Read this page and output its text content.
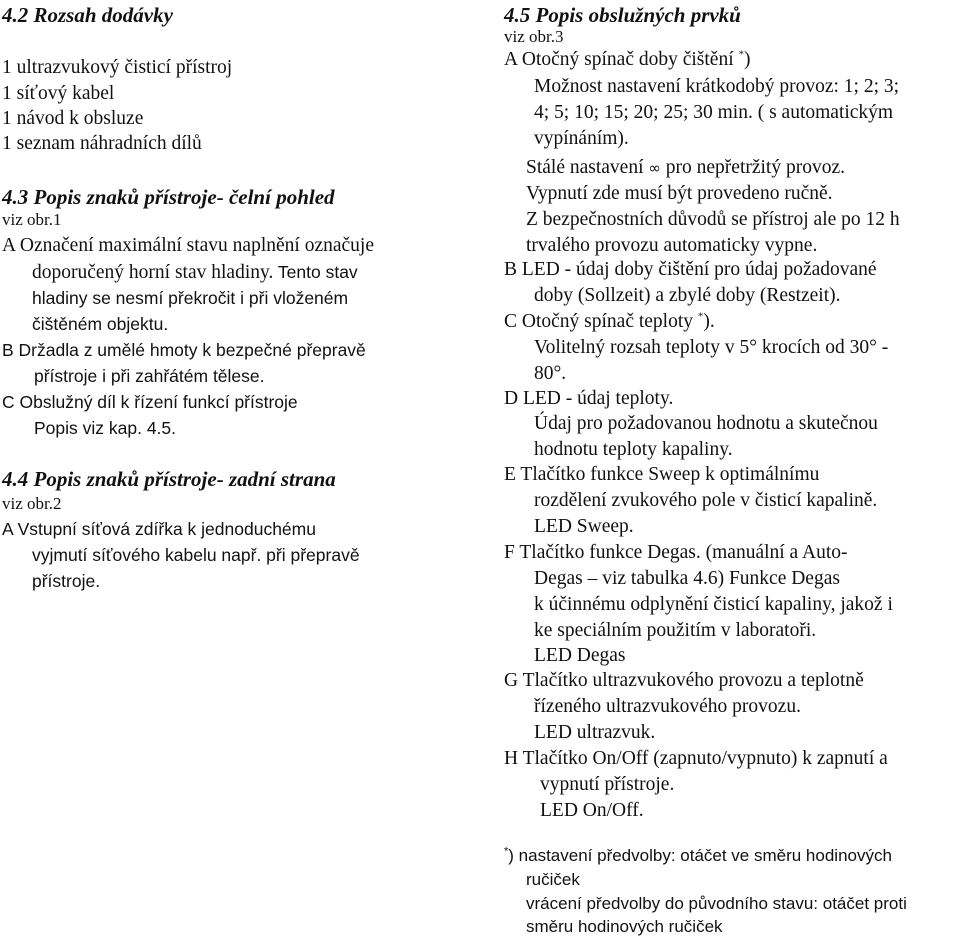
4.2 Rozsah dodávky
1 ultrazvukový čisticí přístroj
1 síťový kabel
1 návod k obsluze
1 seznam náhradních dílů
4.3 Popis znaků přístroje- čelní pohled
viz obr.1
A Označení maximální stavu naplnění označuje
doporučený horní stav hladiny. Tento stav
hladiny se nesmí překročit i při vloženém
čištěném objektu.
B Držadla z umělé hmoty k bezpečné přepravě
přístroje i při zahřátém tělese.
C Obslužný díl k řízení funkcí přístroje
Popis viz kap. 4.5.
4.4 Popis znaků přístroje- zadní strana
viz obr.2
A Vstupní síťová zdířka k jednoduchému
vyjmutí síťového kabelu např. při přepravě
přístroje.
4.5 Popis obslužných prvků
viz obr.3
A Otočný spínač doby čištění *)
Možnost nastavení krátkodobý provoz: 1; 2; 3;
4; 5; 10; 15; 20; 25; 30 min. ( s automatickým
vypínáním).
Stálé nastavení ∞ pro nepřetržitý provoz.
Vypnutí zde musí být provedeno ručně.
Z bezpečnostních důvodů se přístroj ale po 12 h
trvalého provozu automaticky vypne.
B LED - údaj doby čištění pro údaj požadované
doby (Sollzeit) a zbylé doby (Restzeit).
C Otočný spínač teploty *).
Volitelný rozsah teploty v 5° krocích od 30° -
80°.
D LED - údaj teploty.
Údaj pro požadovanou hodnotu a skutečnou
hodnotu teploty kapaliny.
E Tlačítko funkce Sweep k optimálnímu
rozdělení zvukového pole v čisticí kapalině.
LED Sweep.
F Tlačítko funkce Degas. (manuální a Auto-
Degas – viz tabulka 4.6) Funkce Degas
k účinnému odplynění čisticí kapaliny, jakož i
ke speciálním použitím v laboratoři.
LED Degas
G Tlačítko ultrazvukového provozu a teplotně
řízeného ultrazvukového provozu.
LED ultrazvuk.
H Tlačítko On/Off (zapnuto/vypnuto) k zapnutí a
vypnutí přístroje.
LED On/Off.
*) nastavení předvolby: otáčet ve směru hodinových
ručiček
vrácení předvolby do původního stavu: otáčet proti
směru hodinových ručiček
